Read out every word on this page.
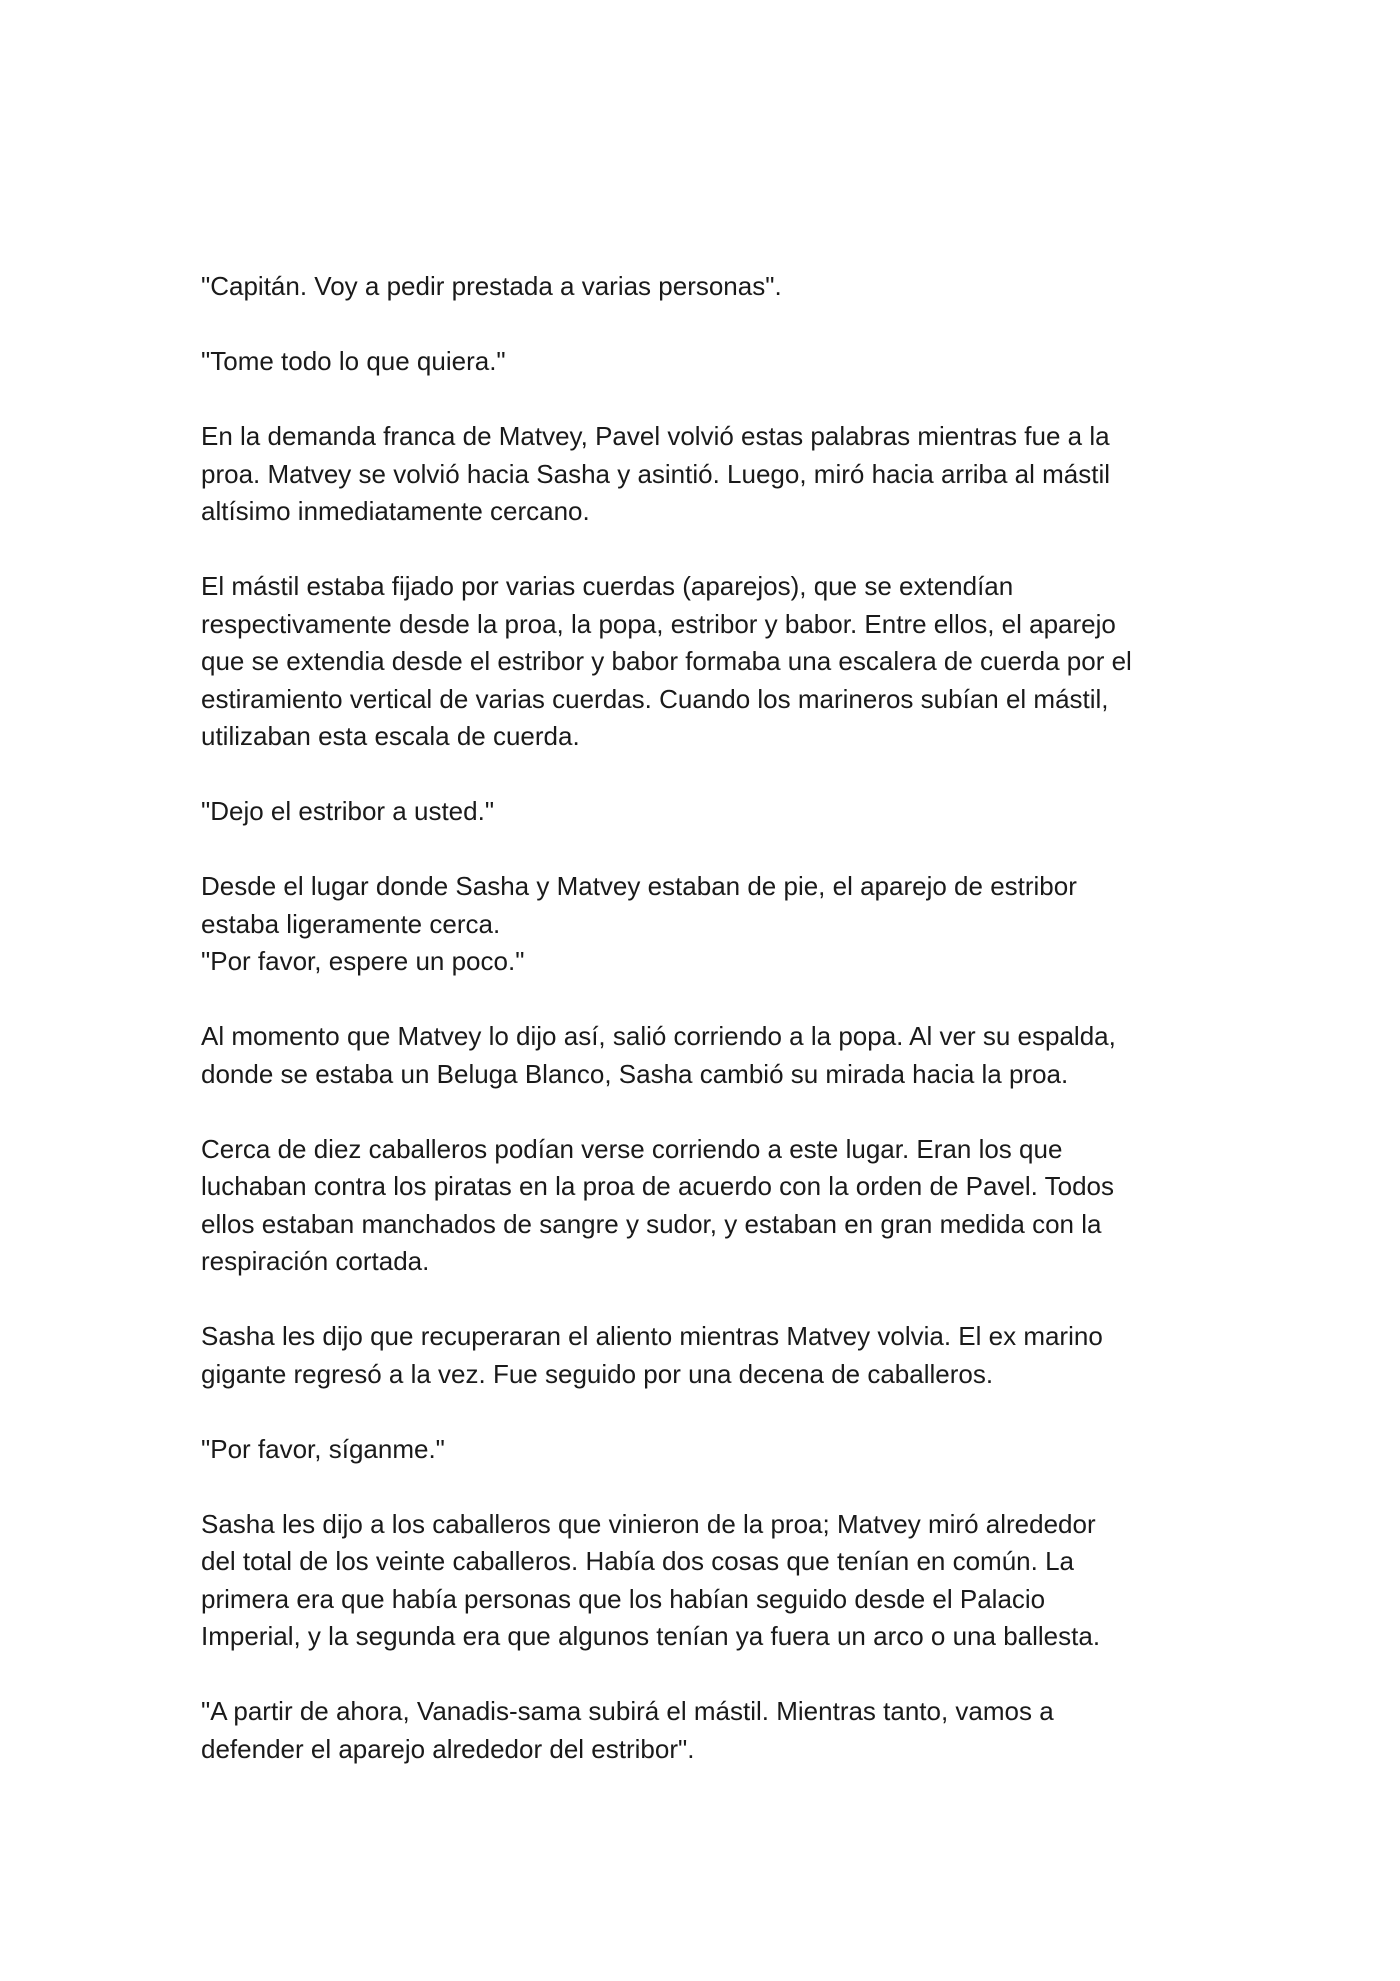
"Capitán. Voy a pedir prestada a varias personas".

"Tome todo lo que quiera."

En la demanda franca de Matvey, Pavel volvió estas palabras mientras fue a la
proa. Matvey se volvió hacia Sasha y asintió. Luego, miró hacia arriba al mástil
altísimo inmediatamente cercano.

El mástil estaba fijado por varias cuerdas (aparejos), que se extendían
respectivamente desde la proa, la popa, estribor y babor. Entre ellos, el aparejo
que se extendia desde el estribor y babor formaba una escalera de cuerda por el
estiramiento vertical de varias cuerdas. Cuando los marineros subían el mástil,
utilizaban esta escala de cuerda.

"Dejo el estribor a usted."

Desde el lugar donde Sasha y Matvey estaban de pie, el aparejo de estribor
estaba ligeramente cerca.

"Por favor, espere un poco."

Al momento que Matvey lo dijo así, salió corriendo a la popa. Al ver su espalda,
donde se estaba un Beluga Blanco, Sasha cambió su mirada hacia la proa.

Cerca de diez caballeros podían verse corriendo a este lugar. Eran los que
luchaban contra los piratas en la proa de acuerdo con la orden de Pavel. Todos
ellos estaban manchados de sangre y sudor, y estaban en gran medida con la
respiración cortada.

Sasha les dijo que recuperaran el aliento mientras Matvey volvia. El ex marino
gigante regresó a la vez. Fue seguido por una decena de caballeros.

"Por favor, síganme."

Sasha les dijo a los caballeros que vinieron de la proa; Matvey miró alrededor
del total de los veinte caballeros. Había dos cosas que tenían en común. La
primera era que había personas que los habían seguido desde el Palacio
Imperial, y la segunda era que algunos tenían ya fuera un arco o una ballesta.

"A partir de ahora, Vanadis-sama subirá el mástil. Mientras tanto, vamos a
defender el aparejo alrededor del estribor".
